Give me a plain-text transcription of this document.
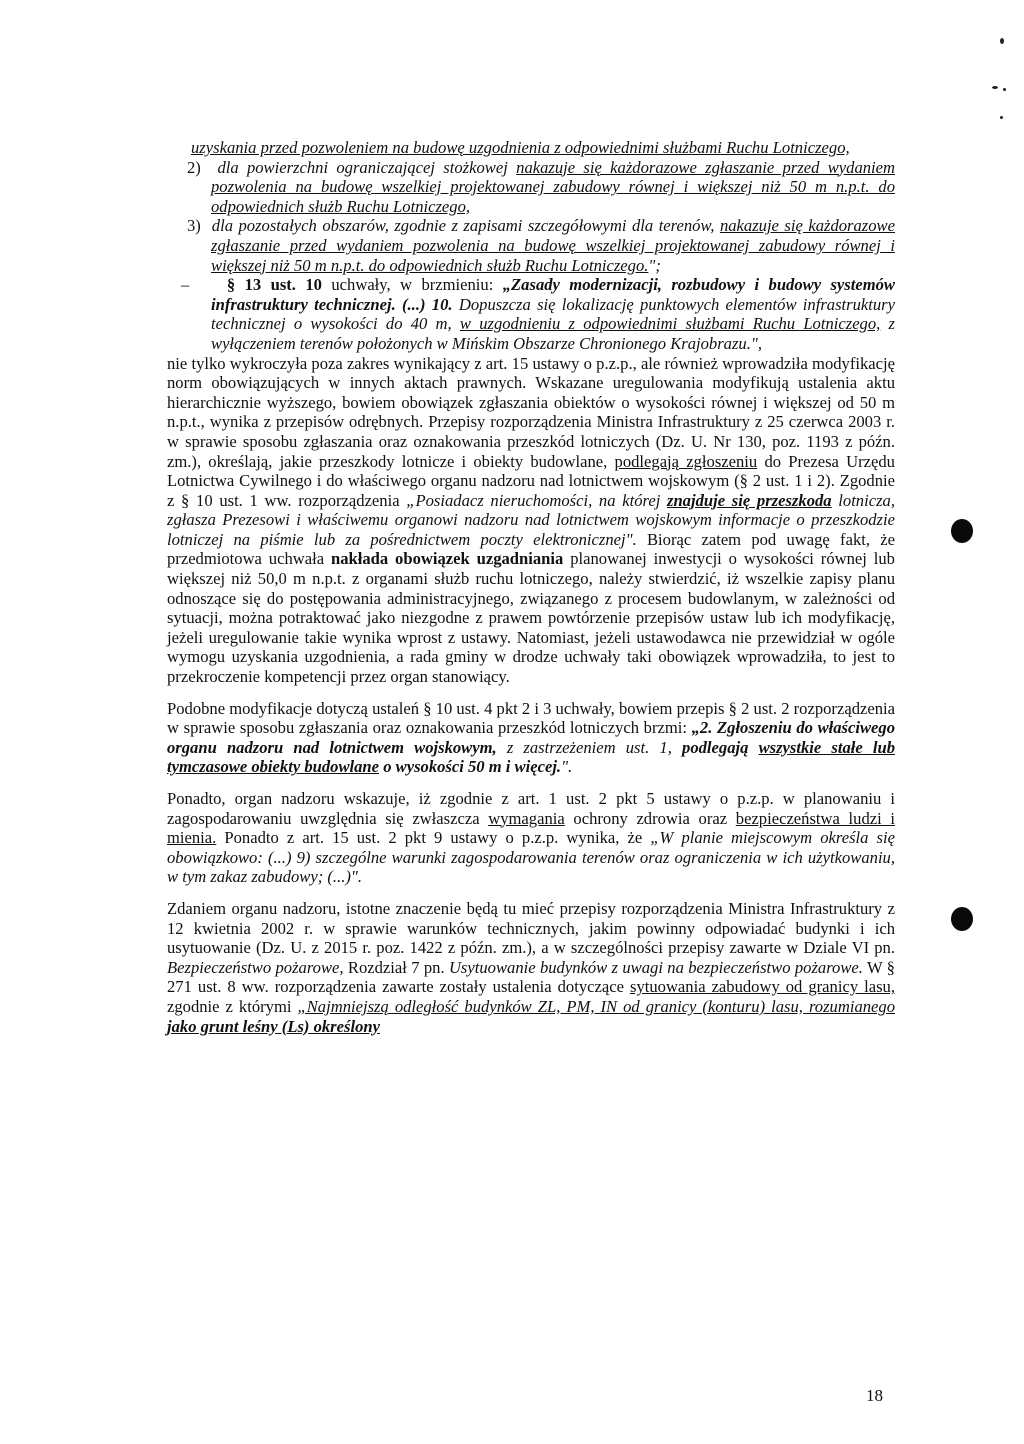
uzyskania przed pozwoleniem na budowę uzgodnienia z odpowiednimi służbami Ruchu Lotniczego,

2) dla powierzchni ograniczającej stożkowej nakazuje się każdorazowe zgłaszanie przed wydaniem pozwolenia na budowę wszelkiej projektowanej zabudowy równej i większej niż 50 m n.p.t. do odpowiednich służb Ruchu Lotniczego,

3) dla pozostałych obszarów, zgodnie z zapisami szczegółowymi dla terenów, nakazuje się każdorazowe zgłaszanie przed wydaniem pozwolenia na budowę wszelkiej projektowanej zabudowy równej i większej niż 50 m n.p.t. do odpowiednich służb Ruchu Lotniczego.";

– § 13 ust. 10 uchwały, w brzmieniu: „Zasady modernizacji, rozbudowy i budowy systemów infrastruktury technicznej. (...) 10. Dopuszcza się lokalizację punktowych elementów infrastruktury technicznej o wysokości do 40 m, w uzgodnieniu z odpowiednimi służbami Ruchu Lotniczego, z wyłączeniem terenów położonych w Mińskim Obszarze Chronionego Krajobrazu.",

nie tylko wykroczyła poza zakres wynikający z art. 15 ustawy o p.z.p., ale również wprowadziła modyfikację norm obowiązujących w innych aktach prawnych. Wskazane uregulowania modyfikują ustalenia aktu hierarchicznie wyższego, bowiem obowiązek zgłaszania obiektów o wysokości równej i większej od 50 m n.p.t., wynika z przepisów odrębnych. Przepisy rozporządzenia Ministra Infrastruktury z 25 czerwca 2003 r. w sprawie sposobu zgłaszania oraz oznakowania przeszkód lotniczych (Dz. U. Nr 130, poz. 1193 z późn. zm.), określają, jakie przeszkody lotnicze i obiekty budowlane, podlegają zgłoszeniu do Prezesa Urzędu Lotnictwa Cywilnego i do właściwego organu nadzoru nad lotnictwem wojskowym (§ 2 ust. 1 i 2). Zgodnie z § 10 ust. 1 ww. rozporządzenia „Posiadacz nieruchomości, na której znajduje się przeszkoda lotnicza, zgłasza Prezesowi i właściwemu organowi nadzoru nad lotnictwem wojskowym informacje o przeszkodzie lotniczej na piśmie lub za pośrednictwem poczty elektronicznej". Biorąc zatem pod uwagę fakt, że przedmiotowa uchwała nakłada obowiązek uzgadniania planowanej inwestycji o wysokości równej lub większej niż 50,0 m n.p.t. z organami służb ruchu lotniczego, należy stwierdzić, iż wszelkie zapisy planu odnoszące się do postępowania administracyjnego, związanego z procesem budowlanym, w zależności od sytuacji, można potraktować jako niezgodne z prawem powtórzenie przepisów ustaw lub ich modyfikację, jeżeli uregulowanie takie wynika wprost z ustawy. Natomiast, jeżeli ustawodawca nie przewidział w ogóle wymogu uzyskania uzgodnienia, a rada gminy w drodze uchwały taki obowiązek wprowadziła, to jest to przekroczenie kompetencji przez organ stanowiący.

Podobne modyfikacje dotyczą ustaleń § 10 ust. 4 pkt 2 i 3 uchwały, bowiem przepis § 2 ust. 2 rozporządzenia w sprawie sposobu zgłaszania oraz oznakowania przeszkód lotniczych brzmi: „2. Zgłoszeniu do właściwego organu nadzoru nad lotnictwem wojskowym, z zastrzeżeniem ust. 1, podlegają wszystkie stałe lub tymczasowe obiekty budowlane o wysokości 50 m i więcej.".

Ponadto, organ nadzoru wskazuje, iż zgodnie z art. 1 ust. 2 pkt 5 ustawy o p.z.p. w planowaniu i zagospodarowaniu uwzględnia się zwłaszcza wymagania ochrony zdrowia oraz bezpieczeństwa ludzi i mienia. Ponadto z art. 15 ust. 2 pkt 9 ustawy o p.z.p. wynika, że „W planie miejscowym określa się obowiązkowo: (...) 9) szczególne warunki zagospodarowania terenów oraz ograniczenia w ich użytkowaniu, w tym zakaz zabudowy; (...)".

Zdaniem organu nadzoru, istotne znaczenie będą tu mieć przepisy rozporządzenia Ministra Infrastruktury z 12 kwietnia 2002 r. w sprawie warunków technicznych, jakim powinny odpowiadać budynki i ich usytuowanie (Dz. U. z 2015 r. poz. 1422 z późn. zm.), a w szczególności przepisy zawarte w Dziale VI pn. Bezpieczeństwo pożarowe, Rozdział 7 pn. Usytuowanie budynków z uwagi na bezpieczeństwo pożarowe. W § 271 ust. 8 ww. rozporządzenia zawarte zostały ustalenia dotyczące sytuowania zabudowy od granicy lasu, zgodnie z którymi „Najmniejszą odległość budynków ZL, PM, IN od granicy (konturu) lasu, rozumianego jako grunt leśny (Ls) określony

18
